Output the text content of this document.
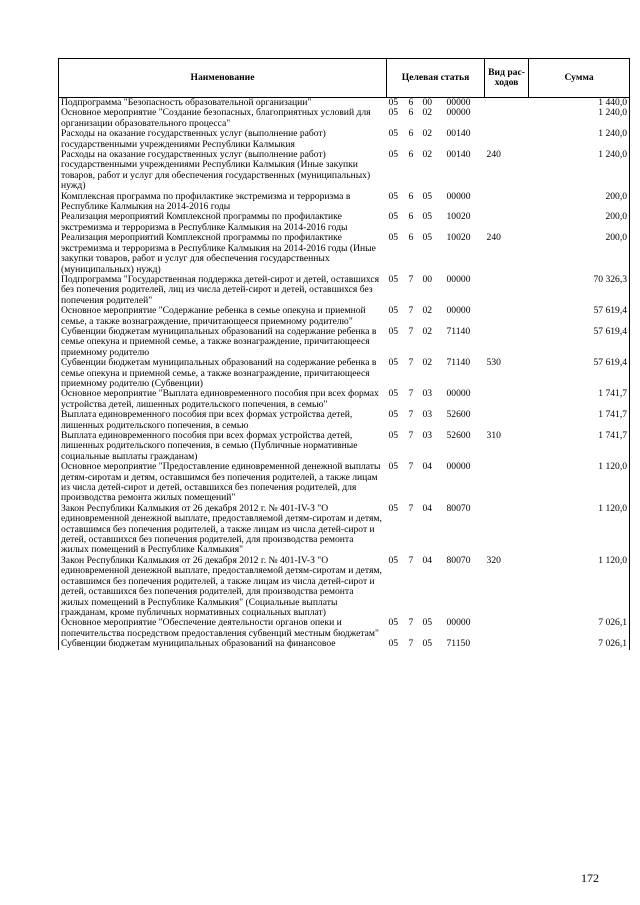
Наименование	Целевая статья				Вид рас-ходов	Сумма
Подпрограмма "Безопасность образовательной организации"	05	6	00	00000		1 440,0
Основное мероприятие "Создание безопасных, благоприятных условий для организации образовательного процесса"	05	6	02	00000		1 240,0
Расходы на оказание государственных услуг (выполнение работ) государственными учреждениями Республики Калмыкия	05	6	02	00140		1 240,0
Расходы на оказание государственных услуг (выполнение работ) государственными учреждениями Республики Калмыкия (Иные закупки товаров, работ и услуг для обеспечения государственных (муниципальных) нужд)	05	6	02	00140	240	1 240,0
Комплексная программа по профилактике экстремизма и терроризма в Республике Калмыкия на 2014-2016 годы	05	6	05	00000		200,0
Реализация мероприятий Комплексной программы по профилактике экстремизма и терроризма в Республике Калмыкия на 2014-2016 годы	05	6	05	10020		200,0
Реализация мероприятий Комплексной программы по профилактике экстремизма и терроризма в Республике Калмыкия на 2014-2016 годы (Иные закупки товаров, работ и услуг для обеспечения государственных (муниципальных) нужд)	05	6	05	10020	240	200,0
Подпрограмма "Государственная поддержка детей-сирот и детей, оставшихся без попечения родителей, лиц из числа детей-сирот и детей, оставшихся без попечения родителей"	05	7	00	00000		70 326,3
Основное мероприятие "Содержание ребенка в семье опекуна и приемной семье, а также вознаграждение, причитающееся приемному родителю"	05	7	02	00000		57 619,4
Субвенции бюджетам муниципальных образований на содержание ребенка в семье опекуна и приемной семье, а также вознаграждение, причитающееся приемному родителю	05	7	02	71140		57 619,4
Субвенции бюджетам муниципальных образований на содержание ребенка в семье опекуна и приемной семье, а также вознаграждение, причитающееся приемному родителю (Субвенции)	05	7	02	71140	530	57 619,4
Основное мероприятие "Выплата единовременного пособия при всех формах устройства детей, лишенных родительского попечения, в семью"	05	7	03	00000		1 741,7
Выплата единовременного пособия при всех формах устройства детей, лишенных родительского попечения, в семью	05	7	03	52600		1 741,7
Выплата единовременного пособия при всех формах устройства детей, лишенных родительского попечения, в семью (Публичные нормативные социальные выплаты гражданам)	05	7	03	52600	310	1 741,7
Основное мероприятие "Предоставление единовременной денежной выплаты детям-сиротам и детям, оставшимся без попечения родителей, а также лицам из числа детей-сирот и детей, оставшихся без попечения родителей, для производства ремонта жилых помещений"	05	7	04	00000		1 120,0
Закон Республики Калмыкия от 26 декабря 2012 г. № 401-IV-З "О единовременной денежной выплате, предоставляемой детям-сиротам и детям, оставшимся без попечения родителей, а также лицам из числа детей-сирот и детей, оставшихся без попечения родителей, для производства ремонта жилых помещений в Республике Калмыкия"	05	7	04	80070		1 120,0
Закон Республики Калмыкия от 26 декабря 2012 г. № 401-IV-З "О единовременной денежной выплате, предоставляемой детям-сиротам и детям, оставшимся без попечения родителей, а также лицам из числа детей-сирот и детей, оставшихся без попечения родителей, для производства ремонта жилых помещений в Республике Калмыкия" (Социальные выплаты гражданам, кроме публичных нормативных социальных выплат)	05	7	04	80070	320	1 120,0
Основное мероприятие "Обеспечение деятельности органов опеки и попечительства посредством предоставления субвенций местным бюджетам"	05	7	05	00000		7 026,1
Субвенции бюджетам муниципальных образований на финансовое	05	7	05	71150		7 026,1
172
